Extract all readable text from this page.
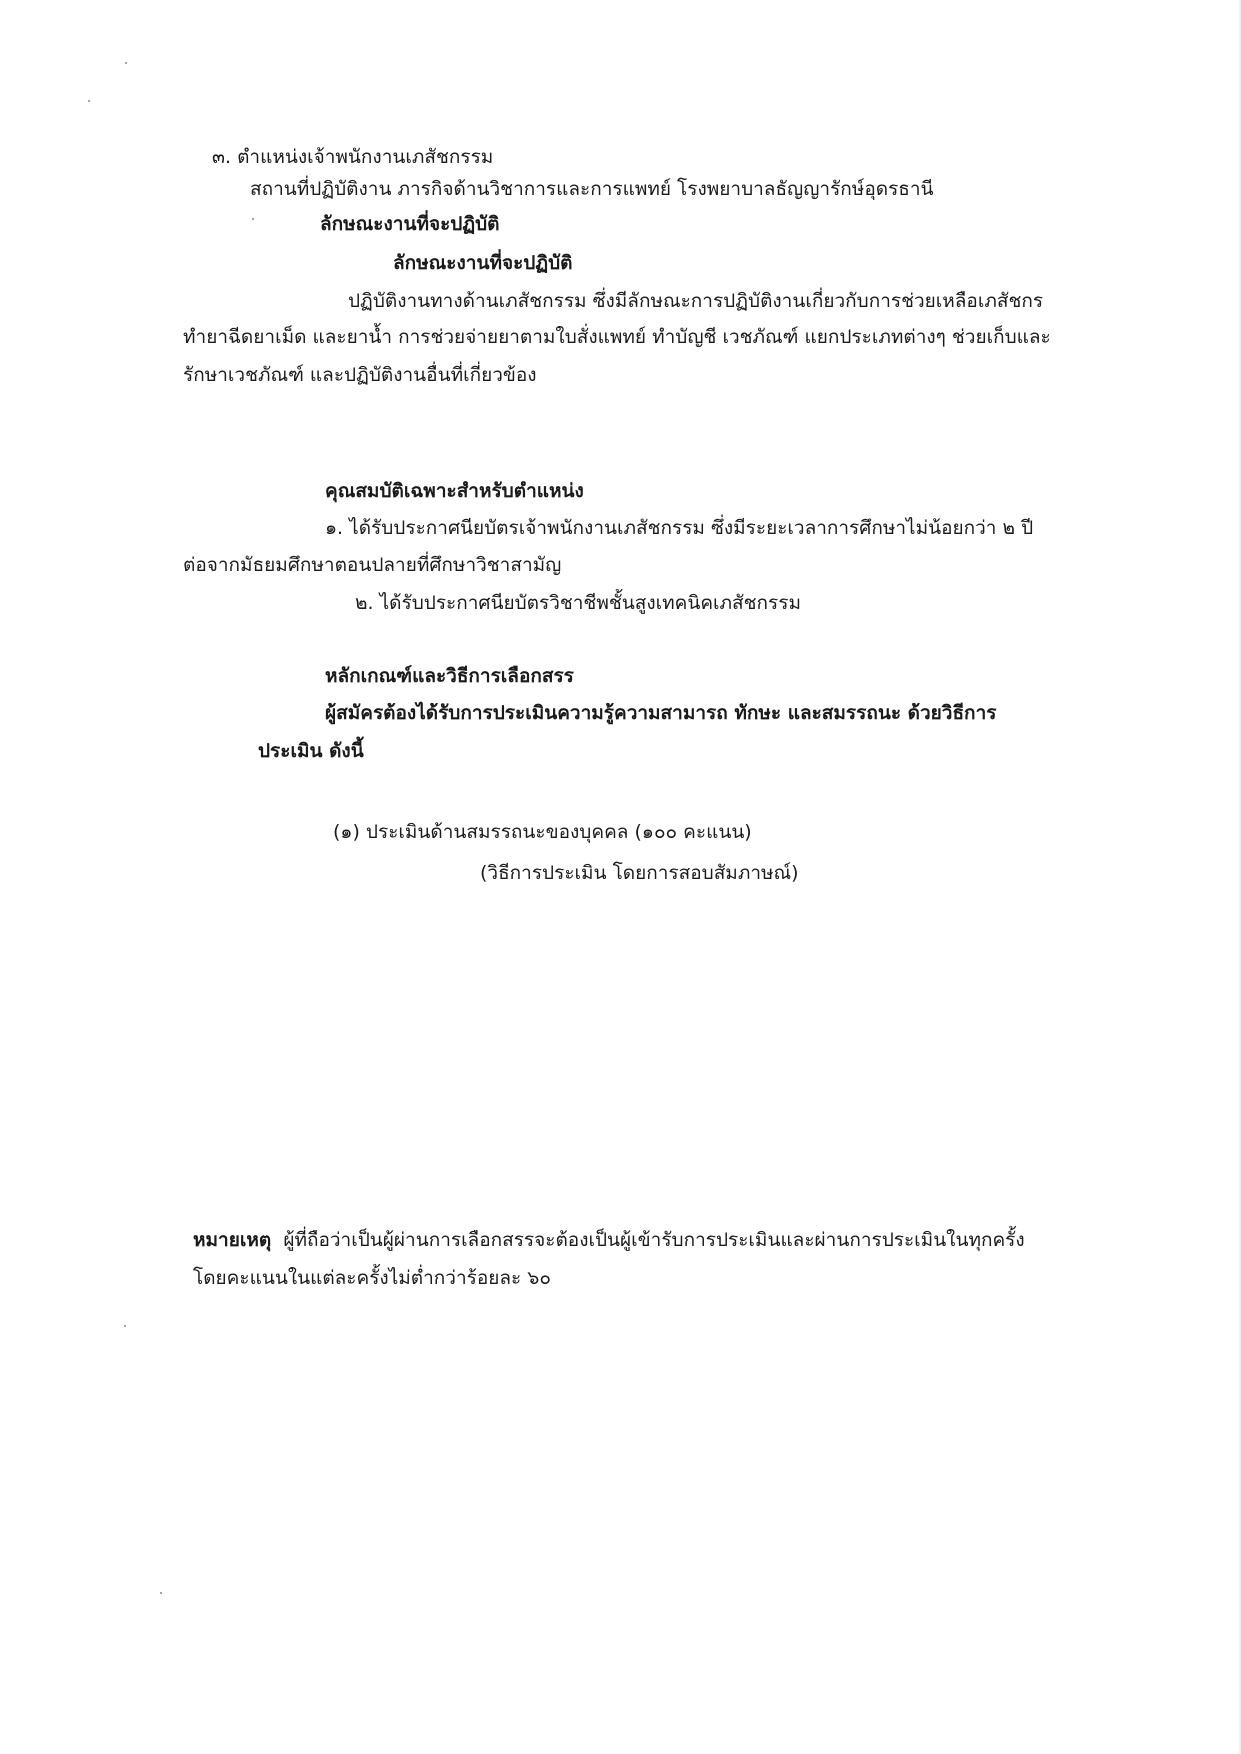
๓. ตำแหน่งเจ้าพนักงานเภสัชกรรม
สถานที่ปฏิบัติงาน ภารกิจด้านวิชาการและการแพทย์ โรงพยาบาลธัญญารักษ์อุดรธานี
ลักษณะงานที่จะปฏิบัติ
ลักษณะงานที่จะปฏิบัติ
ปฏิบัติงานทางด้านเภสัชกรรม ซึ่งมีลักษณะการปฏิบัติงานเกี่ยวกับการช่วยเหลือเภสัชกร
ทำยาฉีดยาเม็ด และยาน้ำ การช่วยจ่ายยาตามใบสั่งแพทย์ ทำบัญชี เวชภัณฑ์ แยกประเภทต่างๆ ช่วยเก็บและ
รักษาเวชภัณฑ์ และปฏิบัติงานอื่นที่เกี่ยวข้อง
คุณสมบัติเฉพาะสำหรับตำแหน่ง
๑. ได้รับประกาศนียบัตรเจ้าพนักงานเภสัชกรรม ซึ่งมีระยะเวลาการศึกษาไม่น้อยกว่า ๒ ปี
ต่อจากมัธยมศึกษาตอนปลายที่ศึกษาวิชาสามัญ
๒. ได้รับประกาศนียบัตรวิชาชีพชั้นสูงเทคนิคเภสัชกรรม
หลักเกณฑ์และวิธีการเลือกสรร
ผู้สมัครต้องได้รับการประเมินความรู้ความสามารถ ทักษะ และสมรรถนะ ด้วยวิธีการ
ประเมิน ดังนี้
(๑) ประเมินด้านสมรรถนะของบุคคล (๑๐๐ คะแนน)
(วิธีการประเมิน โดยการสอบสัมภาษณ์)
หมายเหตุ ผู้ที่ถือว่าเป็นผู้ผ่านการเลือกสรรจะต้องเป็นผู้เข้ารับการประเมินและผ่านการประเมินในทุกครั้ง
โดยคะแนนในแต่ละครั้งไม่ต่ำกว่าร้อยละ ๖๐
